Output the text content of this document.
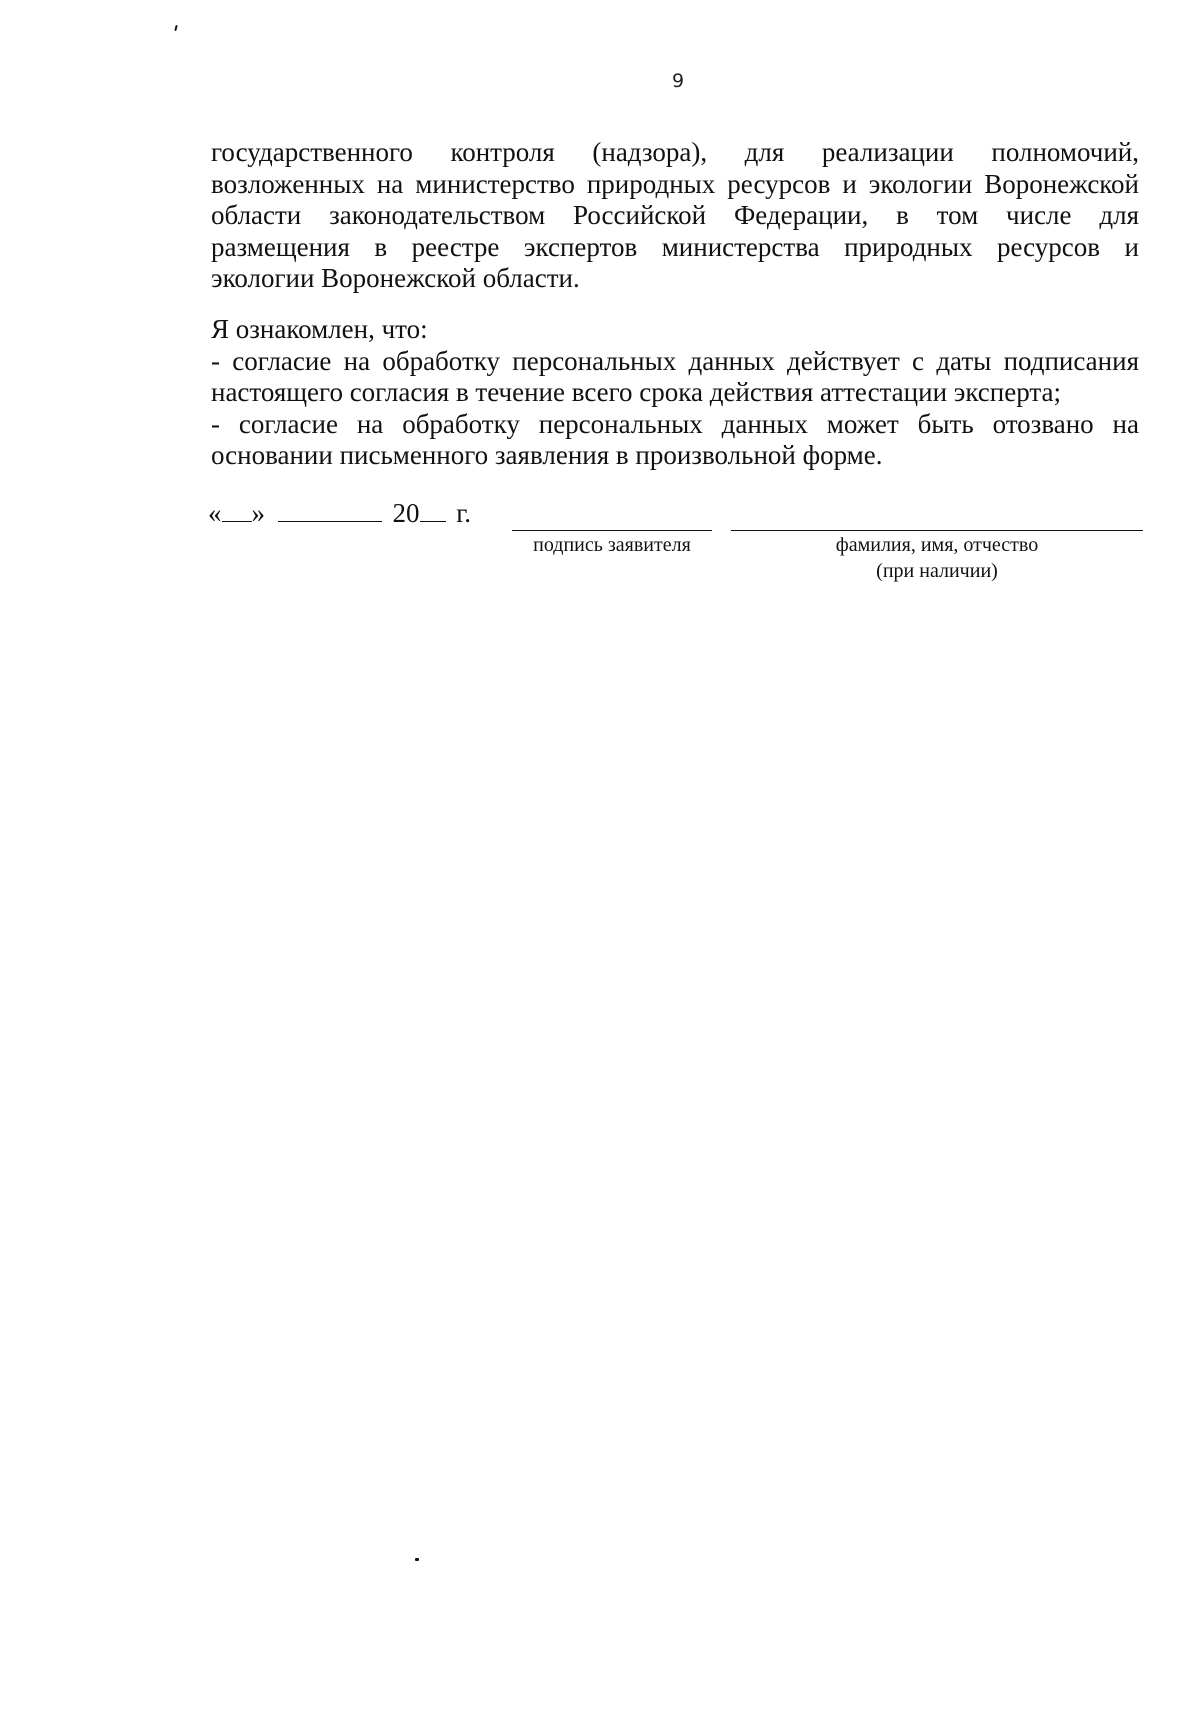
9
государственного контроля (надзора), для реализации полномочий,
возложенных на министерство природных ресурсов и экологии Воронежской
области законодательством Российской Федерации, в том числе для
размещения в реестре экспертов министерства природных ресурсов и
экологии Воронежской области.
Я ознакомлен, что:
- согласие на обработку персональных данных действует с даты подписания
настоящего согласия в течение всего срока действия аттестации эксперта;
- согласие на обработку персональных данных может быть отозвано на
основании письменного заявления в произвольной форме.
« »	20 г.
подпись заявителя	фамилия, имя, отчество
(при наличии)
